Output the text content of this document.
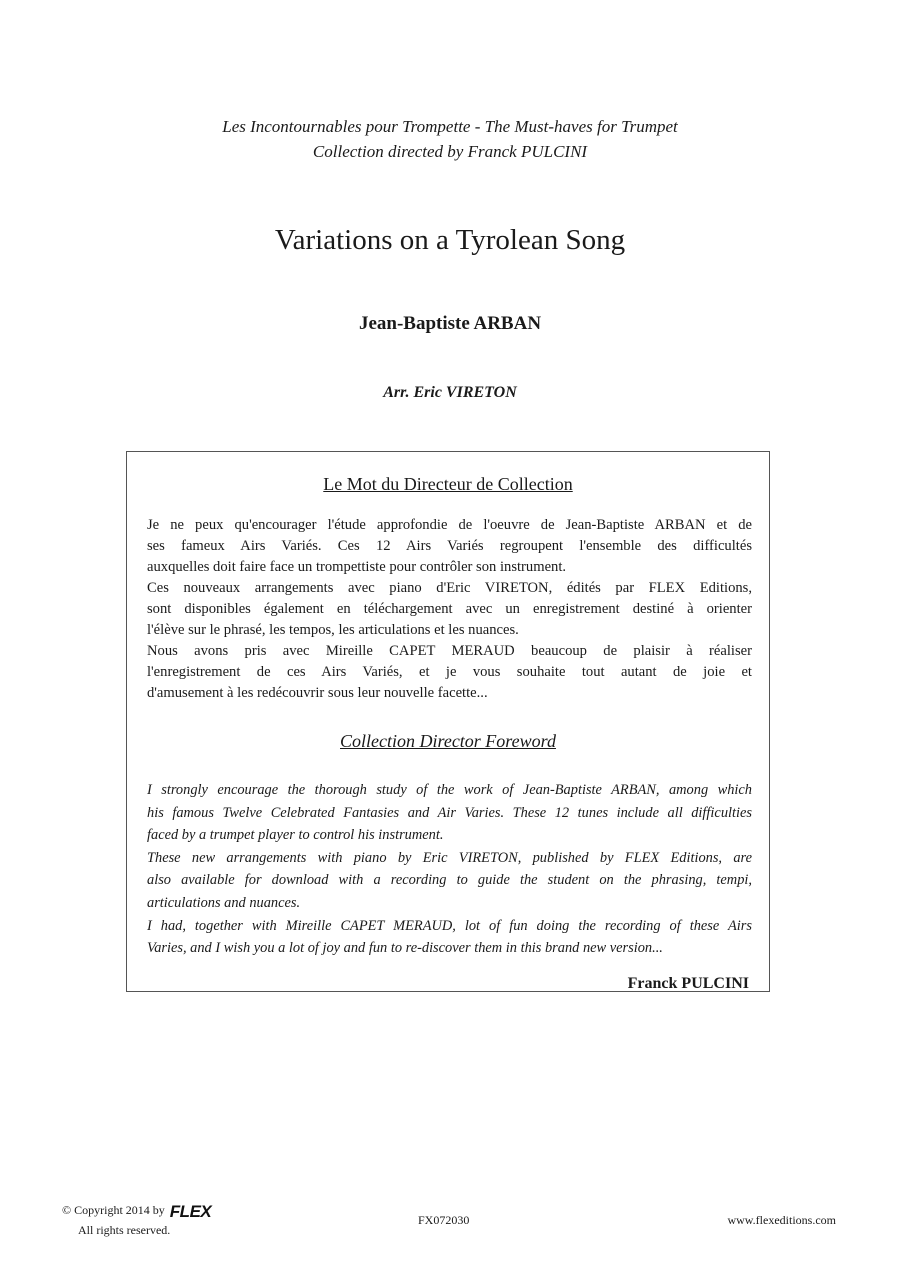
Les Incontournables pour Trompette - The Must-haves for Trumpet
Collection directed by Franck PULCINI
Variations on a Tyrolean Song
Jean-Baptiste ARBAN
Arr. Eric VIRETON
Le Mot du Directeur de Collection
Je ne peux qu'encourager l'étude approfondie de l'oeuvre de Jean-Baptiste ARBAN et de
ses fameux Airs Variés. Ces 12 Airs Variés regroupent l'ensemble des difficultés
auxquelles doit faire face un trompettiste pour contrôler son instrument.
Ces nouveaux arrangements avec piano d'Eric VIRETON, édités par FLEX Editions,
sont disponibles également en téléchargement avec un enregistrement destiné à orienter
l'élève sur le phrasé, les tempos, les articulations et les nuances.
Nous avons pris avec Mireille CAPET MERAUD beaucoup de plaisir à réaliser
l'enregistrement de ces Airs Variés, et je vous souhaite tout autant de joie et
d'amusement à les redécouvrir sous leur nouvelle facette...
Collection Director Foreword
I strongly encourage the thorough study of the work of Jean-Baptiste ARBAN, among which
his famous Twelve Celebrated Fantasies and Air Varies. These 12 tunes include all difficulties
faced by a trumpet player to control his instrument.
These new arrangements with piano by Eric VIRETON, published by FLEX Editions, are
also available for download with a recording to guide the student on the phrasing, tempi,
articulations and nuances.
I had, together with Mireille CAPET MERAUD, lot of fun doing the recording of these Airs
Varies, and I wish you a lot of joy and fun to re-discover them in this brand new version...
Franck PULCINI
© Copyright 2014 by FLEX
All rights reserved.
FX072030	www.flexeditions.com
